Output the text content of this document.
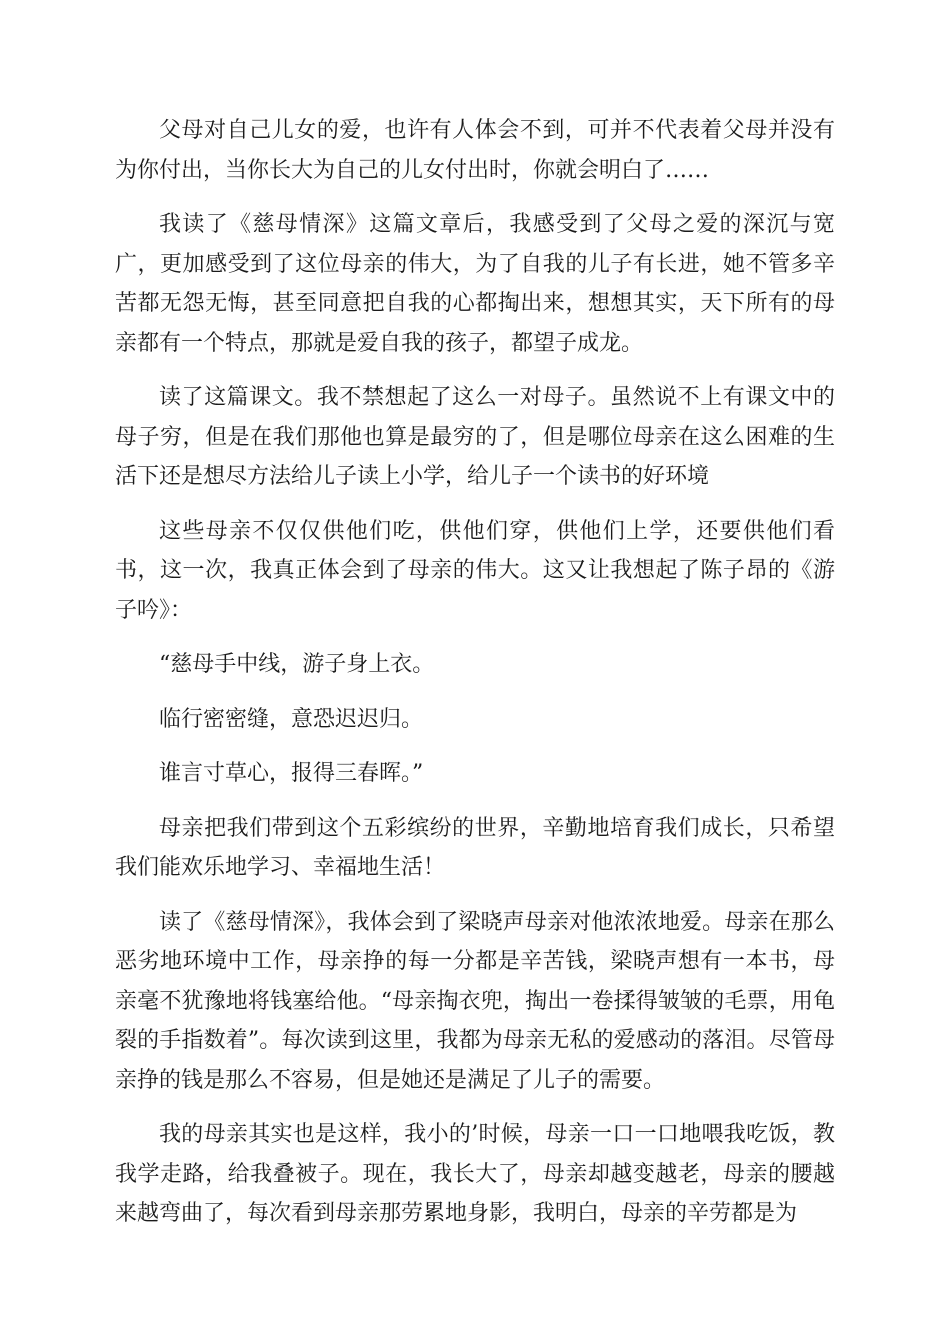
父母对自己儿女的爱，也许有人体会不到，可并不代表着父母并没有为你付出，当你长大为自己的儿女付出时，你就会明白了……

我读了《慈母情深》这篇文章后，我感受到了父母之爱的深沉与宽广，更加感受到了这位母亲的伟大，为了自我的儿子有长进，她不管多辛苦都无怨无悔，甚至同意把自我的心都掏出来，想想其实，天下所有的母亲都有一个特点，那就是爱自我的孩子，都望子成龙。

读了这篇课文。我不禁想起了这么一对母子。虽然说不上有课文中的母子穷，但是在我们那他也算是最穷的了，但是哪位母亲在这么困难的生活下还是想尽方法给儿子读上小学，给儿子一个读书的好环境

这些母亲不仅仅供他们吃，供他们穿，供他们上学，还要供他们看书，这一次，我真正体会到了母亲的伟大。这又让我想起了陈子昂的《游子吟》：

“慈母手中线，游子身上衣。

临行密密缝，意恐迟迟归。

谁言寸草心，报得三春晖。”

母亲把我们带到这个五彩缤纷的世界，辛勤地培育我们成长，只希望我们能欢乐地学习、幸福地生活！

读了《慈母情深》，我体会到了梁晓声母亲对他浓浓地爱。母亲在那么恶劣地环境中工作，母亲挣的每一分都是辛苦钱，梁晓声想有一本书，母亲毫不犹豫地将钱塞给他。“母亲掏衣兜，掏出一卷揉得皱皱的毛票，用龟裂的手指数着”。每次读到这里，我都为母亲无私的爱感动的落泪。尽管母亲挣的钱是那么不容易，但是她还是满足了儿子的需要。

我的母亲其实也是这样，我小的’时候，母亲一口一口地喂我吃饭，教我学走路，给我叠被子。现在，我长大了，母亲却越变越老，母亲的腰越来越弯曲了，每次看到母亲那劳累地身影，我明白，母亲的辛劳都是为
